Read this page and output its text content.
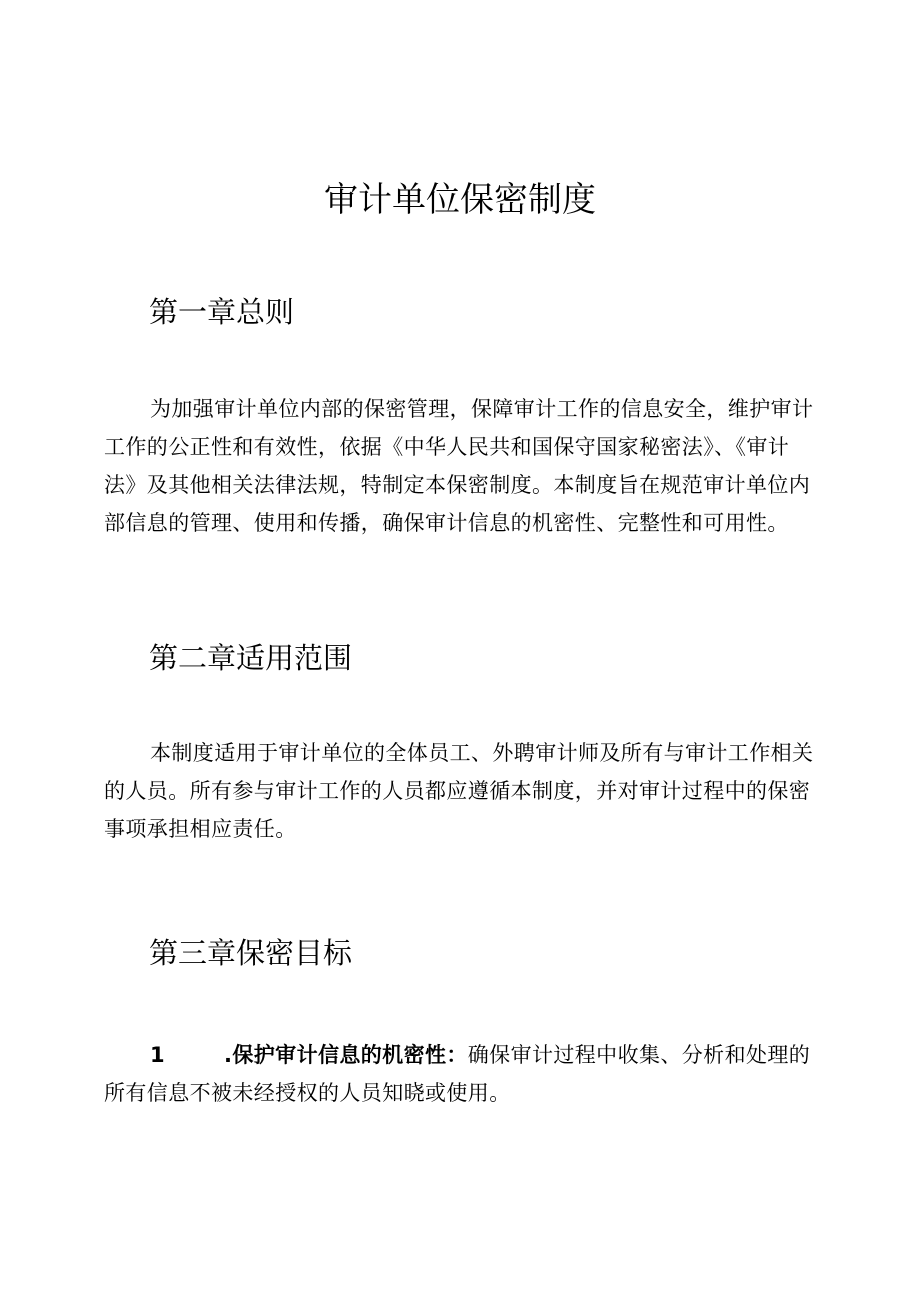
审计单位保密制度
第一章总则
为加强审计单位内部的保密管理，保障审计工作的信息安全，维护审计工作的公正性和有效性，依据《中华人民共和国保守国家秘密法》、《审计法》及其他相关法律法规，特制定本保密制度。本制度旨在规范审计单位内部信息的管理、使用和传播，确保审计信息的机密性、完整性和可用性。
第二章适用范围
本制度适用于审计单位的全体员工、外聘审计师及所有与审计工作相关的人员。所有参与审计工作的人员都应遵循本制度，并对审计过程中的保密事项承担相应责任。
第三章保密目标
1	.保护审计信息的机密性：确保审计过程中收集、分析和处理的所有信息不被未经授权的人员知晓或使用。
